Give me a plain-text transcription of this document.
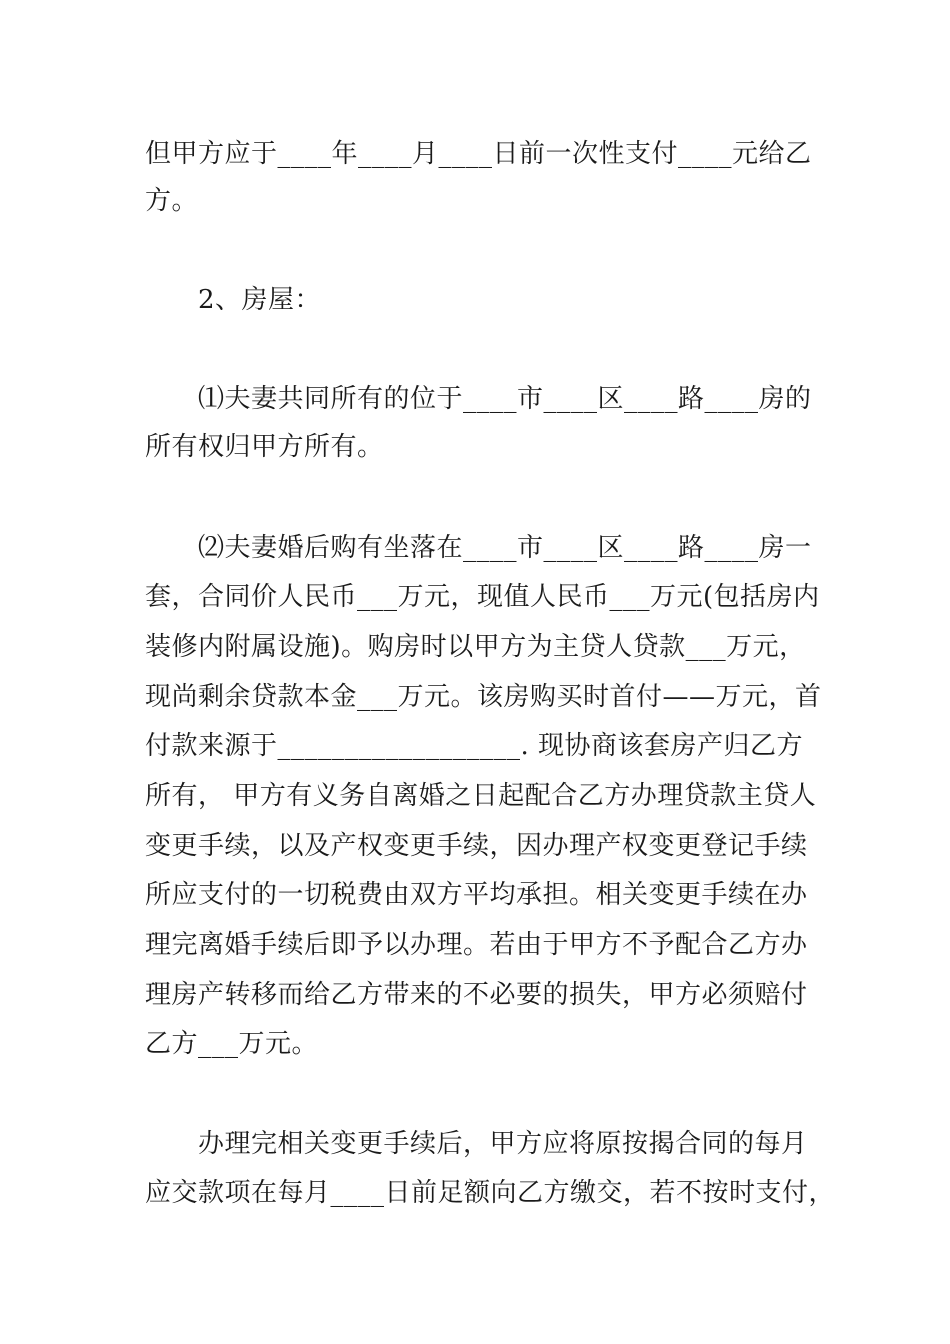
但甲方应于____年____月____日前一次性支付____元给乙
方。
　　2、房屋：
　　⑴夫妻共同所有的位于____市____区____路____房的
所有权归甲方所有。
　　⑵夫妻婚后购有坐落在____市____区____路____房一
套，合同价人民币___万元，现值人民币___万元(包括房内
装修内附属设施)。购房时以甲方为主贷人贷款___万元，
现尚剩余贷款本金___万元。该房购买时首付——万元，首
付款来源于__________________. 现协商该套房产归乙方
所有， 甲方有义务自离婚之日起配合乙方办理贷款主贷人
变更手续，以及产权变更手续，因办理产权变更登记手续
所应支付的一切税费由双方平均承担。相关变更手续在办
理完离婚手续后即予以办理。若由于甲方不予配合乙方办
理房产转移而给乙方带来的不必要的损失，甲方必须赔付
乙方___万元。
　　办理完相关变更手续后，甲方应将原按揭合同的每月
应交款项在每月____日前足额向乙方缴交，若不按时支付，
